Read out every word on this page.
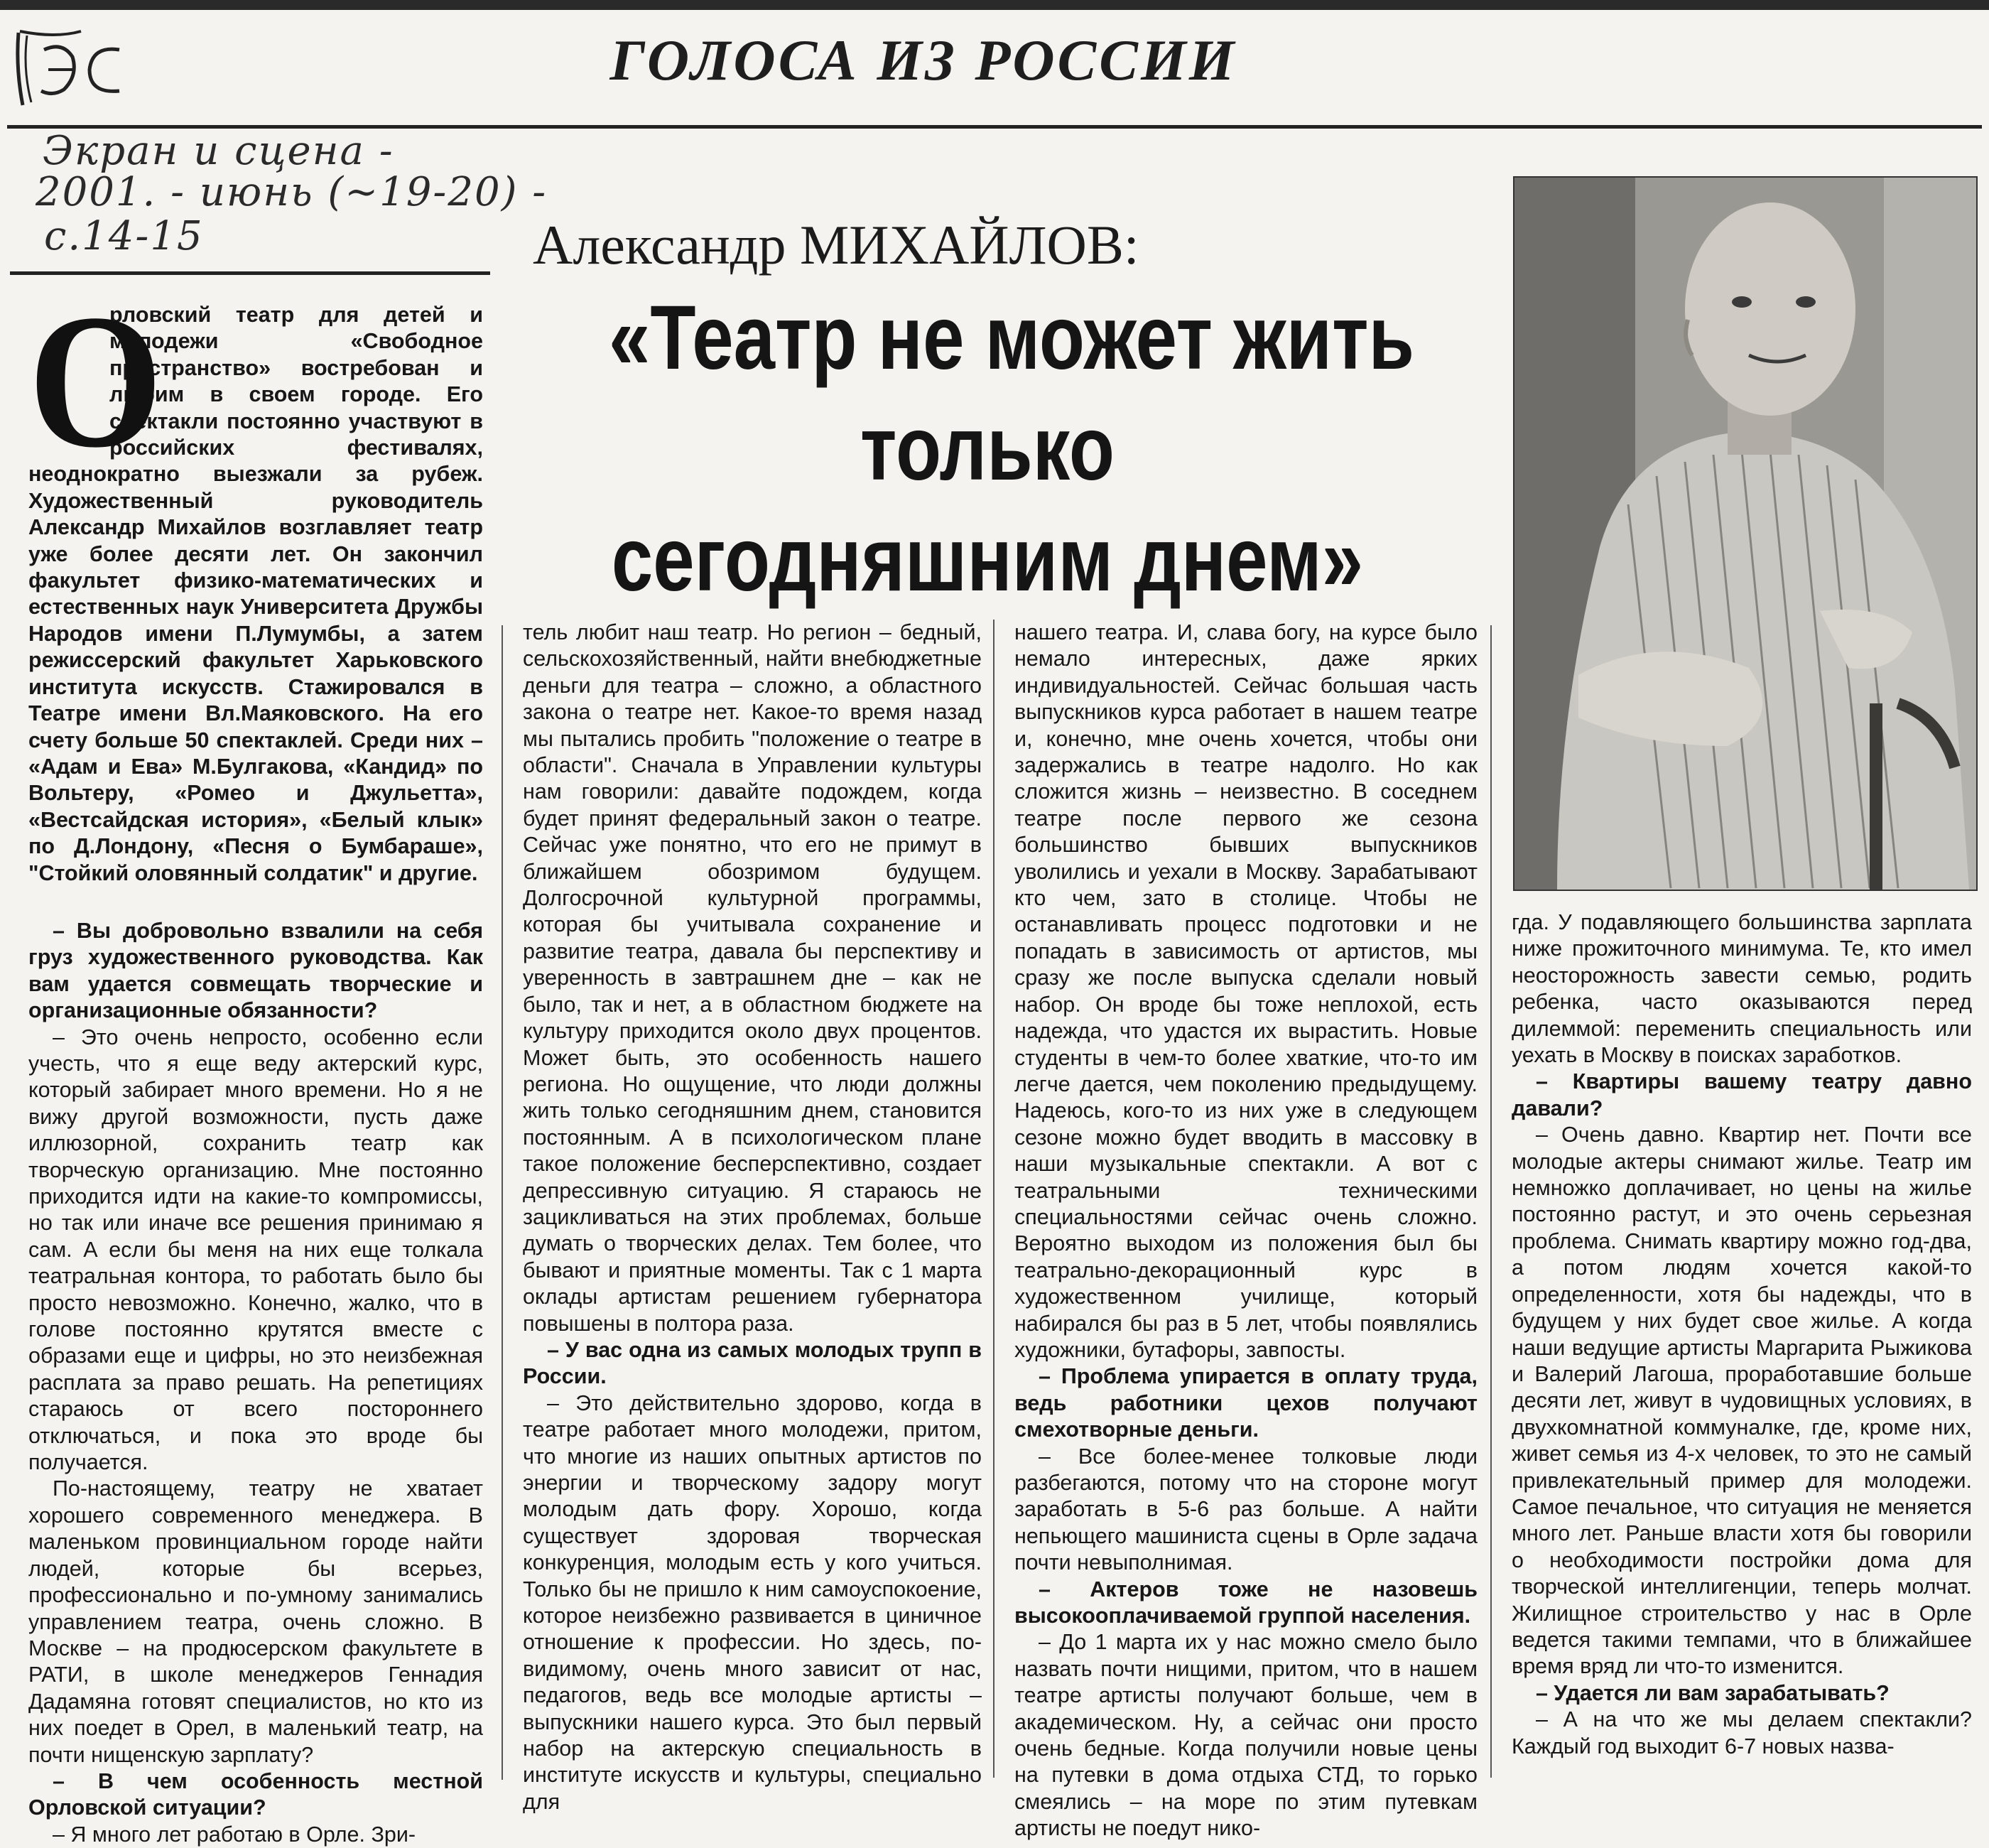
ГОЛОСА ИЗ РОССИИ
Экран и сцена -
2001. - июнь (~19-20) -
с.14-15	Александр МИХАЙЛОВ:
«Театр не может жить
только
сегодняшним днем»

О
рловский театр для детей и молодежи «Свободное пространство» востребован и любим в своем городе. Его спектакли постоянно участвуют в российских фестивалях, неоднократно выезжали за рубеж. Художественный руководитель Александр Михайлов возглавляет театр уже более десяти лет. Он закончил факультет физико-математических и естественных наук Университета Дружбы Народов имени П.Лумумбы, а затем режиссерский факультет Харьковского института искусств. Стажировался в Театре имени Вл.Маяковского. На его счету больше 50 спектаклей. Среди них – «Адам и Ева» М.Булгакова, «Кандид» по Вольтеру, «Ромео и Джульетта», «Вестсайдская история», «Белый клык» по Д.Лондону, «Песня о Бумбараше», "Стойкий оловянный солдатик" и другие.

– Вы добровольно взвалили на себя груз художественного руководства. Как вам удается совмещать творческие и организационные обязанности?

– Это очень непросто, особенно если учесть, что я еще веду актерский курс, который забирает много времени. Но я не вижу другой возможности, пусть даже иллюзорной, сохранить театр как творческую организацию. Мне постоянно приходится идти на какие-то компромиссы, но так или иначе все решения принимаю я сам. А если бы меня на них еще толкала театральная контора, то работать было бы просто невозможно. Конечно, жалко, что в голове постоянно крутятся вместе с образами еще и цифры, но это неизбежная расплата за право решать. На репетициях стараюсь от всего постороннего отключаться, и пока это вроде бы получается.

По-настоящему, театру не хватает хорошего современного менеджера. В маленьком провинциальном городе найти людей, которые бы всерьез, профессионально и по-умному занимались управлением театра, очень сложно. В Москве – на продюсерском факультете в РАТИ, в школе менеджеров Геннадия Дадамяна готовят специалистов, но кто из них поедет в Орел, в маленький театр, на почти нищенскую зарплату?

– В чем особенность местной Орловской ситуации?

– Я много лет работаю в Орле. Зри-

тель любит наш театр. Но регион – бедный, сельскохозяйственный, найти внебюджетные деньги для театра – сложно, а областного закона о театре нет. Какое-то время назад мы пытались пробить "положение о театре в области". Сначала в Управлении культуры нам говорили: давайте подождем, когда будет принят федеральный закон о театре. Сейчас уже понятно, что его не примут в ближайшем обозримом будущем. Долгосрочной культурной программы, которая бы учитывала сохранение и развитие театра, давала бы перспективу и уверенность в завтрашнем дне – как не было, так и нет, а в областном бюджете на культуру приходится около двух процентов. Может быть, это особенность нашего региона. Но ощущение, что люди должны жить только сегодняшним днем, становится постоянным. А в психологическом плане такое положение бесперспективно, создает депрессивную ситуацию. Я стараюсь не зацикливаться на этих проблемах, больше думать о творческих делах. Тем более, что бывают и приятные моменты. Так с 1 марта оклады артистам решением губернатора повышены в полтора раза.

– У вас одна из самых молодых трупп в России.

– Это действительно здорово, когда в театре работает много молодежи, притом, что многие из наших опытных артистов по энергии и творческому задору могут молодым дать фору. Хорошо, когда существует здоровая творческая конкуренция, молодым есть у кого учиться. Только бы не пришло к ним самоуспокоение, которое неизбежно развивается в циничное отношение к профессии. Но здесь, по-видимому, очень много зависит от нас, педагогов, ведь все молодые артисты – выпускники нашего курса. Это был первый набор на актерскую специальность в институте искусств и культуры, специально для

нашего театра. И, слава богу, на курсе было немало интересных, даже ярких индивидуальностей. Сейчас большая часть выпускников курса работает в нашем театре и, конечно, мне очень хочется, чтобы они задержались в театре надолго. Но как сложится жизнь – неизвестно. В соседнем театре после первого же сезона большинство бывших выпускников уволились и уехали в Москву. Зарабатывают кто чем, зато в столице. Чтобы не останавливать процесс подготовки и не попадать в зависимость от артистов, мы сразу же после выпуска сделали новый набор. Он вроде бы тоже неплохой, есть надежда, что удастся их вырастить. Новые студенты в чем-то более хваткие, что-то им легче дается, чем поколению предыдущему. Надеюсь, кого-то из них уже в следующем сезоне можно будет вводить в массовку в наши музыкальные спектакли. А вот с театральными техническими специальностями сейчас очень сложно. Вероятно выходом из положения был бы театрально-декорационный курс в художественном училище, который набирался бы раз в 5 лет, чтобы появлялись художники, бутафоры, завпосты.

– Проблема упирается в оплату труда, ведь работники цехов получают смехотворные деньги.

– Все более-менее толковые люди разбегаются, потому что на стороне могут заработать в 5-6 раз больше. А найти непьющего машиниста сцены в Орле задача почти невыполнимая.

– Актеров тоже не назовешь высокооплачиваемой группой населения.

– До 1 марта их у нас можно смело было назвать почти нищими, притом, что в нашем театре артисты получают больше, чем в академическом. Ну, а сейчас они просто очень бедные. Когда получили новые цены на путевки в дома отдыха СТД, то горько смеялись – на море по этим путевкам артисты не поедут нико-

гда. У подавляющего большинства зарплата ниже прожиточного минимума. Те, кто имел неосторожность завести семью, родить ребенка, часто оказываются перед дилеммой: переменить специальность или уехать в Москву в поисках заработков.

– Квартиры вашему театру давно давали?

– Очень давно. Квартир нет. Почти все молодые актеры снимают жилье. Театр им немножко доплачивает, но цены на жилье постоянно растут, и это очень серьезная проблема. Снимать квартиру можно год-два, а потом людям хочется какой-то определенности, хотя бы надежды, что в будущем у них будет свое жилье. А когда наши ведущие артисты Маргарита Рыжикова и Валерий Лагоша, проработавшие больше десяти лет, живут в чудовищных условиях, в двухкомнатной коммуналке, где, кроме них, живет семья из 4-х человек, то это не самый привлекательный пример для молодежи. Самое печальное, что ситуация не меняется много лет. Раньше власти хотя бы говорили о необходимости постройки дома для творческой интеллигенции, теперь молчат. Жилищное строительство у нас в Орле ведется такими темпами, что в ближайшее время вряд ли что-то изменится.

– Удается ли вам зарабатывать?

– А на что же мы делаем спектакли? Каждый год выходит 6-7 новых назва-
